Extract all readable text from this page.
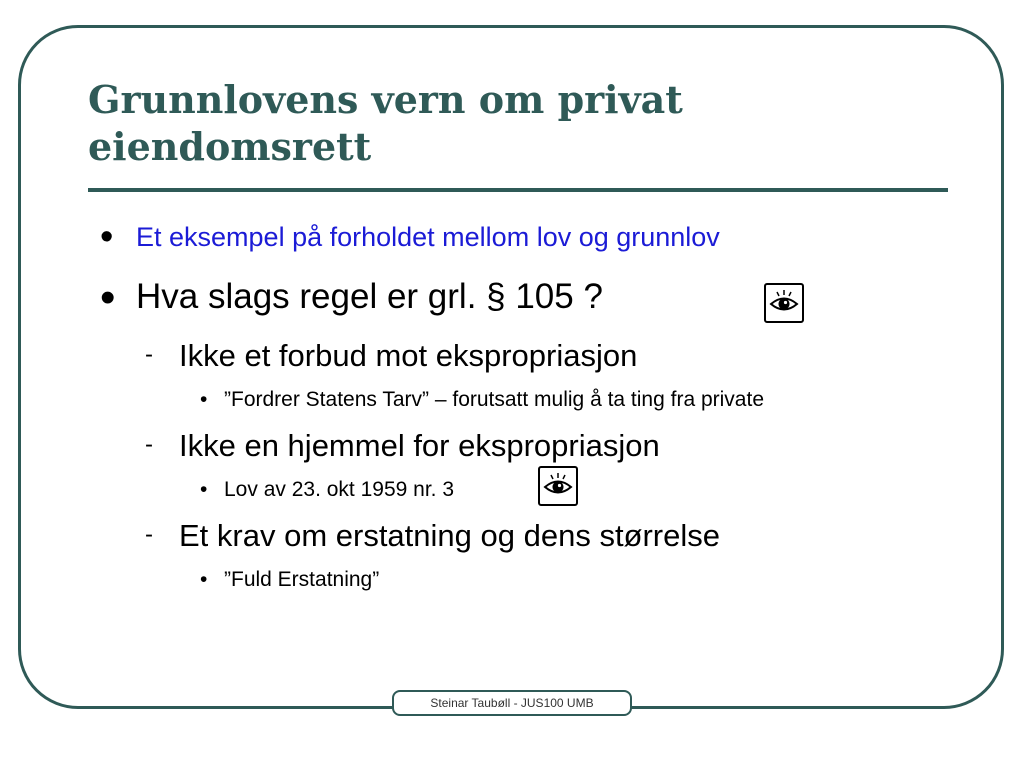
Grunnlovens vern om privat eiendomsrett
• Et eksempel på forholdet mellom lov og grunnlov
• Hva slags regel er grl. § 105 ?
- Ikke et forbud mot ekspropriasjon
• ”Fordrer Statens Tarv” – forutsatt mulig å ta ting fra private
- Ikke en hjemmel for ekspropriasjon
• Lov av 23. okt 1959 nr. 3
- Et krav om erstatning og dens størrelse
• ”Fuld Erstatning”
Steinar Taubøll - JUS100 UMB
